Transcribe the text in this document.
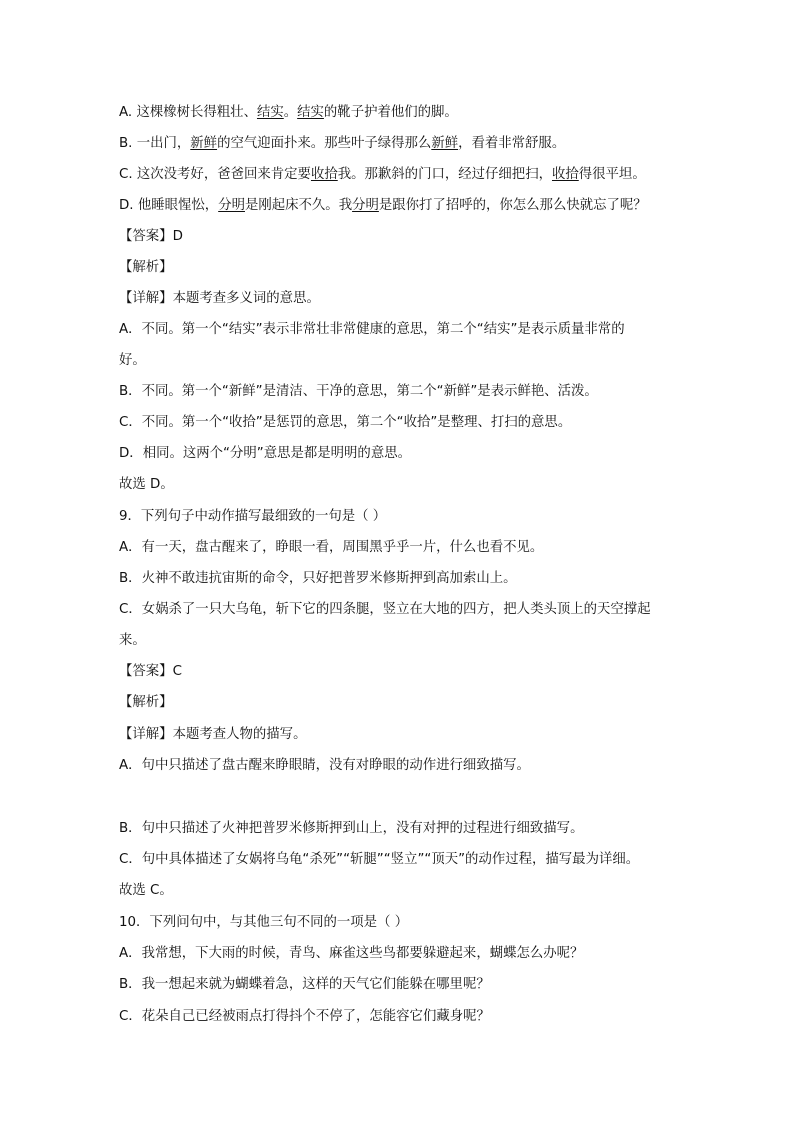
A. 这棵橡树长得粗壮、结实。结实的靴子护着他们的脚。
B. 一出门，新鲜的空气迎面扑来。那些叶子绿得那么新鲜，看着非常舒服。
C. 这次没考好，爸爸回来肯定要收拾我。那歉斜的门口，经过仔细把扫，收拾得很平坦。
D. 他睡眼惺忪，分明是刚起床不久。我分明是跟你打了招呼的，你怎么那么快就忘了呢？
【答案】D
【解析】
【详解】本题考查多义词的意思。
A．不同。第一个“结实”表示非常壮非常健康的意思，第二个“结实”是表示质量非常的
好。
B．不同。第一个“新鲜”是清洁、干净的意思，第二个“新鲜”是表示鲜艳、活泼。
C．不同。第一个“收拾”是惩罚的意思，第二个“收拾”是整理、打扫的意思。
D．相同。这两个“分明”意思是都是明明的意思。
故选 D。
9．下列句子中动作描写最细致的一句是（ ）
A．有一天，盘古醒来了，睁眼一看，周围黑乎乎一片，什么也看不见。
B．火神不敢违抗宙斯的命令，只好把普罗米修斯押到高加索山上。
C．女娲杀了一只大乌龟，斩下它的四条腿，竖立在大地的四方，把人类头顶上的天空撑起
来。
【答案】C
【解析】
【详解】本题考查人物的描写。
A．句中只描述了盘古醒来睁眼睛，没有对睁眼的动作进行细致描写。
B．句中只描述了火神把普罗米修斯押到山上，没有对押的过程进行细致描写。
C．句中具体描述了女娲将乌龟“杀死”“斩腿”“竖立”“顶天”的动作过程，描写最为详细。
故选 C。
10．下列问句中，与其他三句不同的一项是（ ）
A．我常想，下大雨的时候，青鸟、麻雀这些鸟都要躲避起来，蝴蝶怎么办呢？
B．我一想起来就为蝴蝶着急，这样的天气它们能躲在哪里呢？
C．花朵自己已经被雨点打得抖个不停了，怎能容它们藏身呢？
